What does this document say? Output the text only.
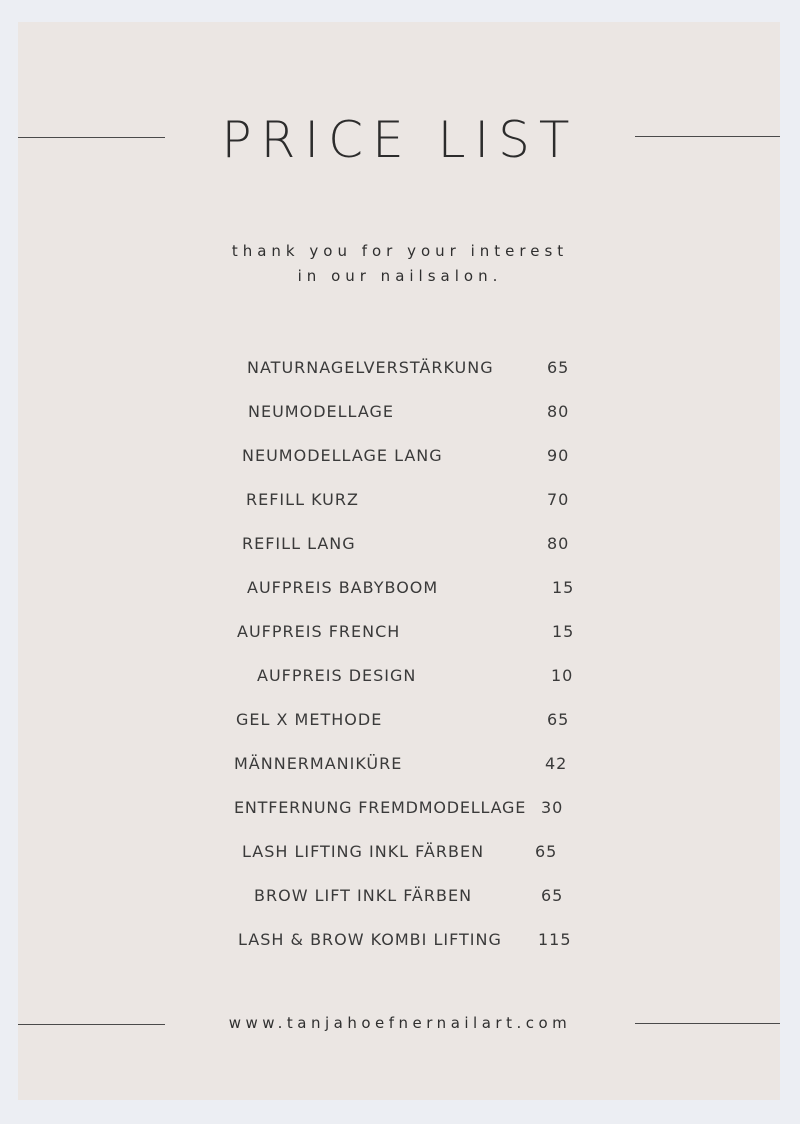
PRICE LIST

thank you for your interest

in our nailsalon.

NATURNAGELVERSTÄRKUNG	65
NEUMODELLAGE	80
NEUMODELLAGE LANG	90
REFILL KURZ	70
REFILL LANG	80
AUFPREIS BABYBOOM	15
AUFPREIS FRENCH	15
AUFPREIS DESIGN	10
GEL X METHODE	65
MÄNNERMANIKÜRE	42
ENTFERNUNG FREMDMODELLAGE 30
LASH LIFTING INKL FÄRBEN	65
BROW LIFT INKL FÄRBEN	65
LASH & BROW KOMBI LIFTING 115
www.tanjahoefnernailart.com
